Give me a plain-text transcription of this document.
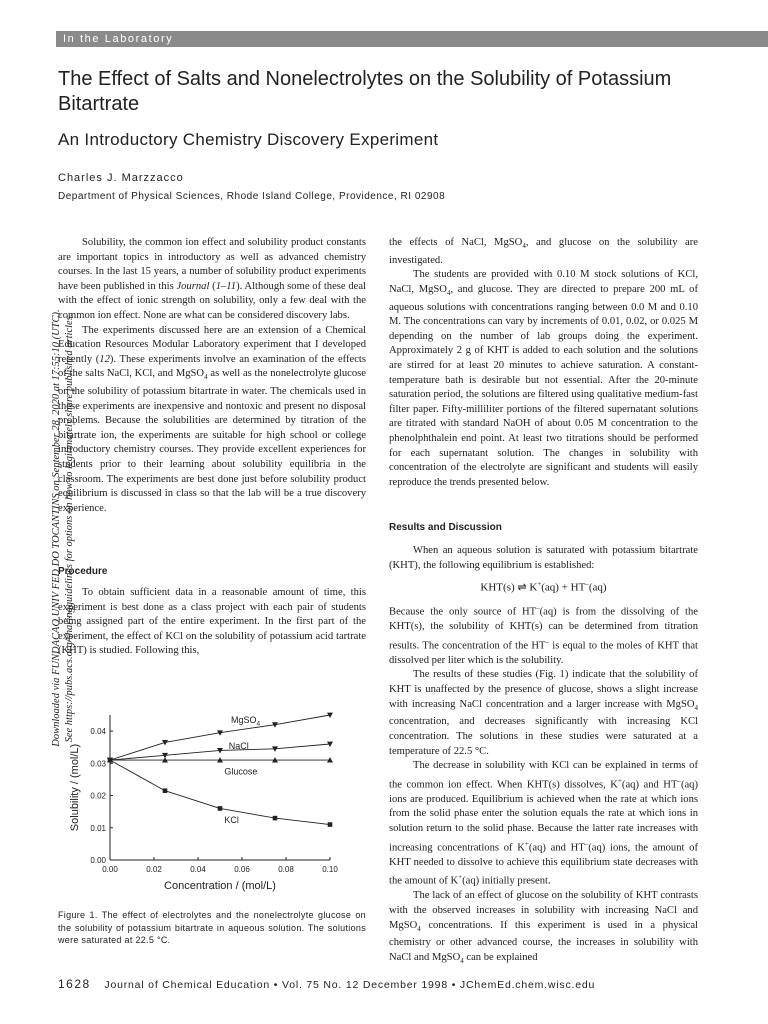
In the Laboratory
The Effect of Salts and Nonelectrolytes on the Solubility of Potassium Bitartrate
An Introductory Chemistry Discovery Experiment
Charles J. Marzzacco
Department of Physical Sciences, Rhode Island College, Providence, RI 02908
Downloaded via FUNDACAO UNIV FED DO TOCANTINS on September 28, 2020 at 17:55:10 (UTC). See https://pubs.acs.org/sharingguidelines for options on how to legitimately share published articles.

Solubility, the common ion effect and solubility product constants are important topics in introductory as well as advanced chemistry courses. In the last 15 years, a number of solubility product experiments have been published in this Journal (1–11). Although some of these deal with the effect of ionic strength on solubility, only a few deal with the common ion effect. None are what can be considered discovery labs.

The experiments discussed here are an extension of a Chemical Education Resources Modular Laboratory experiment that I developed recently (12). These experiments involve an examination of the effects of the salts NaCl, KCl, and MgSO$_4$ as well as the nonelectrolyte glucose on the solubility of potassium bitartrate in water. The chemicals used in these experiments are inexpensive and nontoxic and present no disposal problems. Because the solubilities are determined by titration of the bitartrate ion, the experiments are suitable for high school or college introductory chemistry courses. They provide excellent experiences for students prior to their learning about solubility equilibria in the classroom. The experiments are best done just before solubility product equilibrium is discussed in class so that the lab will be a true discovery experience.

Procedure

To obtain sufficient data in a reasonable amount of time, this experiment is best done as a class project with each pair of students being assigned part of the entire experiment. In the first part of the experiment, the effect of KCl on the solubility of potassium acid tartrate (KHT) is studied. Following this,

0.00	0.02	0.04	0.06	0.08	0.10
0.00
0.01
0.02
0.03
0.04
Concentration / (mol/L)
Solubility / (mol/L)
MgSO$_4$
NaCl
Glucose
KCl
Figure 1. The effect of electrolytes and the nonelectrolyte glucose on the solubility of potassium bitartrate in aqueous solution. The solutions were saturated at 22.5 °C.

the effects of NaCl, MgSO$_4$, and glucose on the solubility are investigated.

The students are provided with 0.10 M stock solutions of KCl, NaCl, MgSO$_4$, and glucose. They are directed to prepare 200 mL of aqueous solutions with concentrations ranging between 0.0 M and 0.10 M. The concentrations can vary by increments of 0.01, 0.02, or 0.025 M depending on the number of lab groups doing the experiment. Approximately 2 g of KHT is added to each solution and the solutions are stirred for at least 20 minutes to achieve saturation. A constant-temperature bath is desirable but not essential. After the 20-minute saturation period, the solutions are filtered using qualitative medium-fast filter paper. Fifty-milliliter portions of the filtered supernatant solutions are titrated with standard NaOH of about 0.05 M concentration to the phenolphthalein end point. At least two titrations should be performed for each supernatant solution. The changes in solubility with concentration of the electrolyte are significant and students will easily reproduce the trends presented below.

Results and Discussion

When an aqueous solution is saturated with potassium bitartrate (KHT), the following equilibrium is established:

KHT(s) ⇌ K+(aq) + HT–(aq)

Because the only source of HT–(aq) is from the dissolving of the KHT(s), the solubility of KHT(s) can be determined from titration results. The concentration of the HT– is equal to the moles of KHT that dissolved per liter which is the solubility.

The results of these studies (Fig. 1) indicate that the solubility of KHT is unaffected by the presence of glucose, shows a slight increase with increasing NaCl concentration and a larger increase with MgSO$_4$ concentration, and decreases significantly with increasing KCl concentration. The solutions in these studies were saturated at a temperature of 22.5 °C.

The decrease in solubility with KCl can be explained in terms of the common ion effect. When KHT(s) dissolves, K+(aq) and HT–(aq) ions are produced. Equilibrium is achieved when the rate at which ions from the solid phase enter the solution equals the rate at which ions in solution return to the solid phase. Because the latter rate increases with increasing concentrations of K+(aq) and HT–(aq) ions, the amount of KHT needed to dissolve to achieve this equilibrium state decreases with the amount of K+(aq) initially present.

The lack of an effect of glucose on the solubility of KHT contrasts with the observed increases in solubility with increasing NaCl and MgSO$_4$ concentrations. If this experiment is used in a physical chemistry or other advanced course, the increases in solubility with NaCl and MgSO$_4$ can be explained

1628 Journal of Chemical Education • Vol. 75 No. 12 December 1998 • JChemEd.chem.wisc.edu
